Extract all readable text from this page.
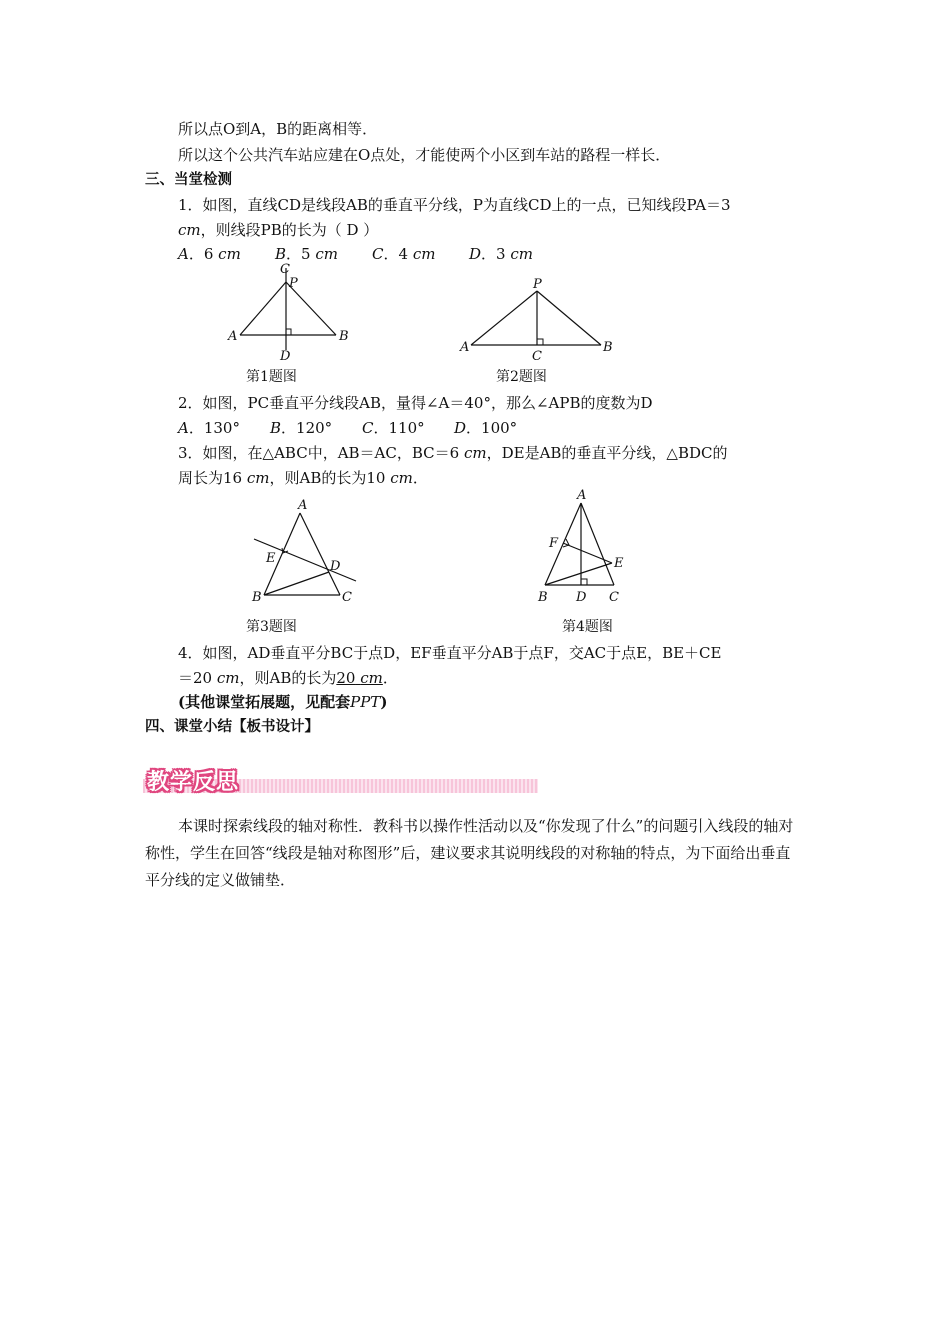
所以点O到A，B的距离相等．
所以这个公共汽车站应建在O点处，才能使两个小区到车站的路程一样长．
三、当堂检测
1．如图，直线CD是线段AB的垂直平分线，P为直线CD上的一点，已知线段PA＝3
cm，则线段PB的长为（ D ）
A．6 cm B．5 cm C．4 cm D．3 cm
C
P
A	B
D
第1题图
P
A	B
C
第2题图
2．如图，PC垂直平分线段AB，量得∠A＝40°，那么∠APB的度数为D
A．130° B．120° C．110° D．100°
3．如图，在△ABC中，AB＝AC，BC＝6 cm，DE是AB的垂直平分线，△BDC的
周长为16 cm，则AB的长为10 cm．
A
E
D
B	C
第3题图
A
F
E
B D C
第4题图
4．如图，AD垂直平分BC于点D，EF垂直平分AB于点F，交AC于点E，BE＋CE
＝20 cm，则AB的长为20 cm．
(其他课堂拓展题，见配套PPT)
四、课堂小结【板书设计】
教学反思
本课时探索线段的轴对称性．教科书以操作性活动以及“你发现了什么”的问题引入线段的轴对称性，学生在回答“线段是轴对称图形”后，建议要求其说明线段的对称轴的特点，为下面给出垂直平分线的定义做铺垫．
